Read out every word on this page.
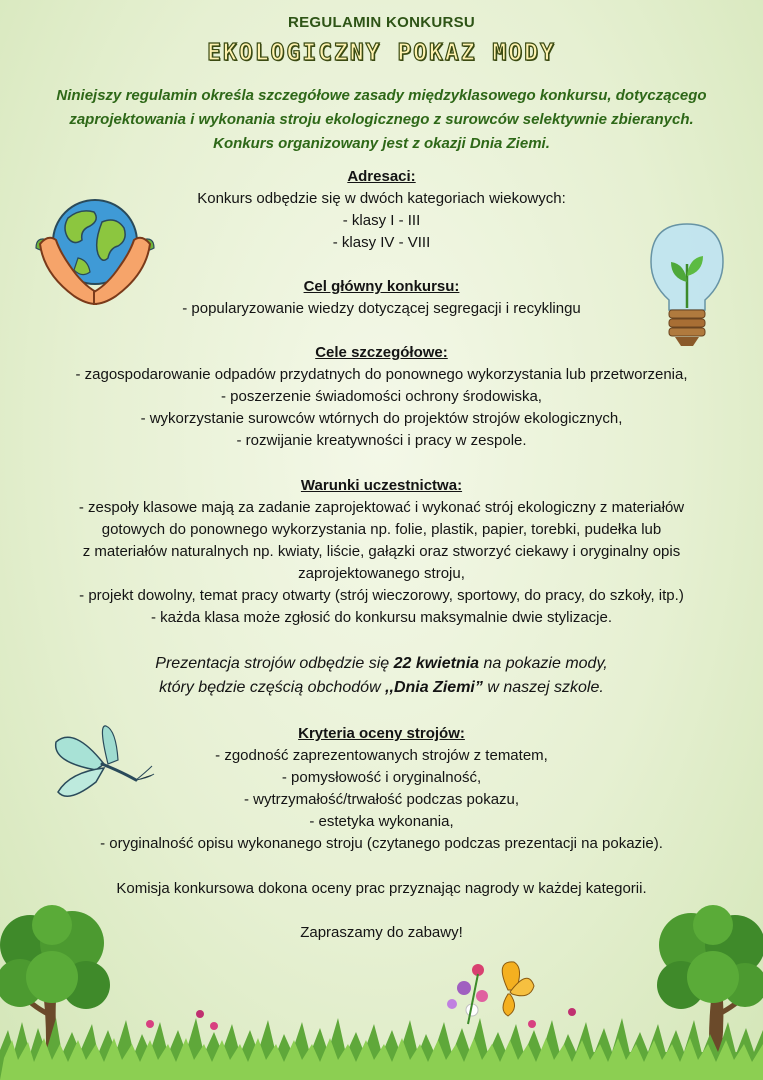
REGULAMIN KONKURSU
EKOLOGICZNY POKAZ MODY
Niniejszy regulamin określa szczegółowe zasady międzyklasowego konkursu, dotyczącego
zaprojektowania i wykonania stroju ekologicznego z surowców selektywnie zbieranych.
Konkurs organizowany jest z okazji Dnia Ziemi.
Adresaci:
Konkurs odbędzie się w dwóch kategoriach wiekowych:
- klasy I - III
- klasy IV - VIII
Cel główny konkursu:
- popularyzowanie wiedzy dotyczącej segregacji i recyklingu
Cele szczegółowe:
- zagospodarowanie odpadów przydatnych do ponownego wykorzystania lub przetworzenia,
- poszerzenie świadomości ochrony środowiska,
- wykorzystanie surowców wtórnych do projektów strojów ekologicznych,
- rozwijanie kreatywności i pracy w zespole.
Warunki uczestnictwa:
- zespoły klasowe mają za zadanie zaprojektować i wykonać strój ekologiczny z materiałów
gotowych do ponownego wykorzystania np. folie, plastik, papier, torebki, pudełka lub
z materiałów naturalnych np. kwiaty, liście, gałązki oraz stworzyć ciekawy i oryginalny opis
zaprojektowanego stroju,
- projekt dowolny, temat pracy otwarty (strój wieczorowy, sportowy, do pracy, do szkoły, itp.)
- każda klasa może zgłosić do konkursu maksymalnie dwie stylizacje.
Prezentacja strojów odbędzie się 22 kwietnia na pokazie mody,
który będzie częścią obchodów ,,Dnia Ziemi” w naszej szkole.
Kryteria oceny strojów:
- zgodność zaprezentowanych strojów z tematem,
- pomysłowość i oryginalność,
- wytrzymałość/trwałość podczas pokazu,
- estetyka wykonania,
- oryginalność opisu wykonanego stroju (czytanego podczas prezentacji na pokazie).
Komisja konkursowa dokona oceny prac przyznając nagrody w każdej kategorii.
Zapraszamy do zabawy!
